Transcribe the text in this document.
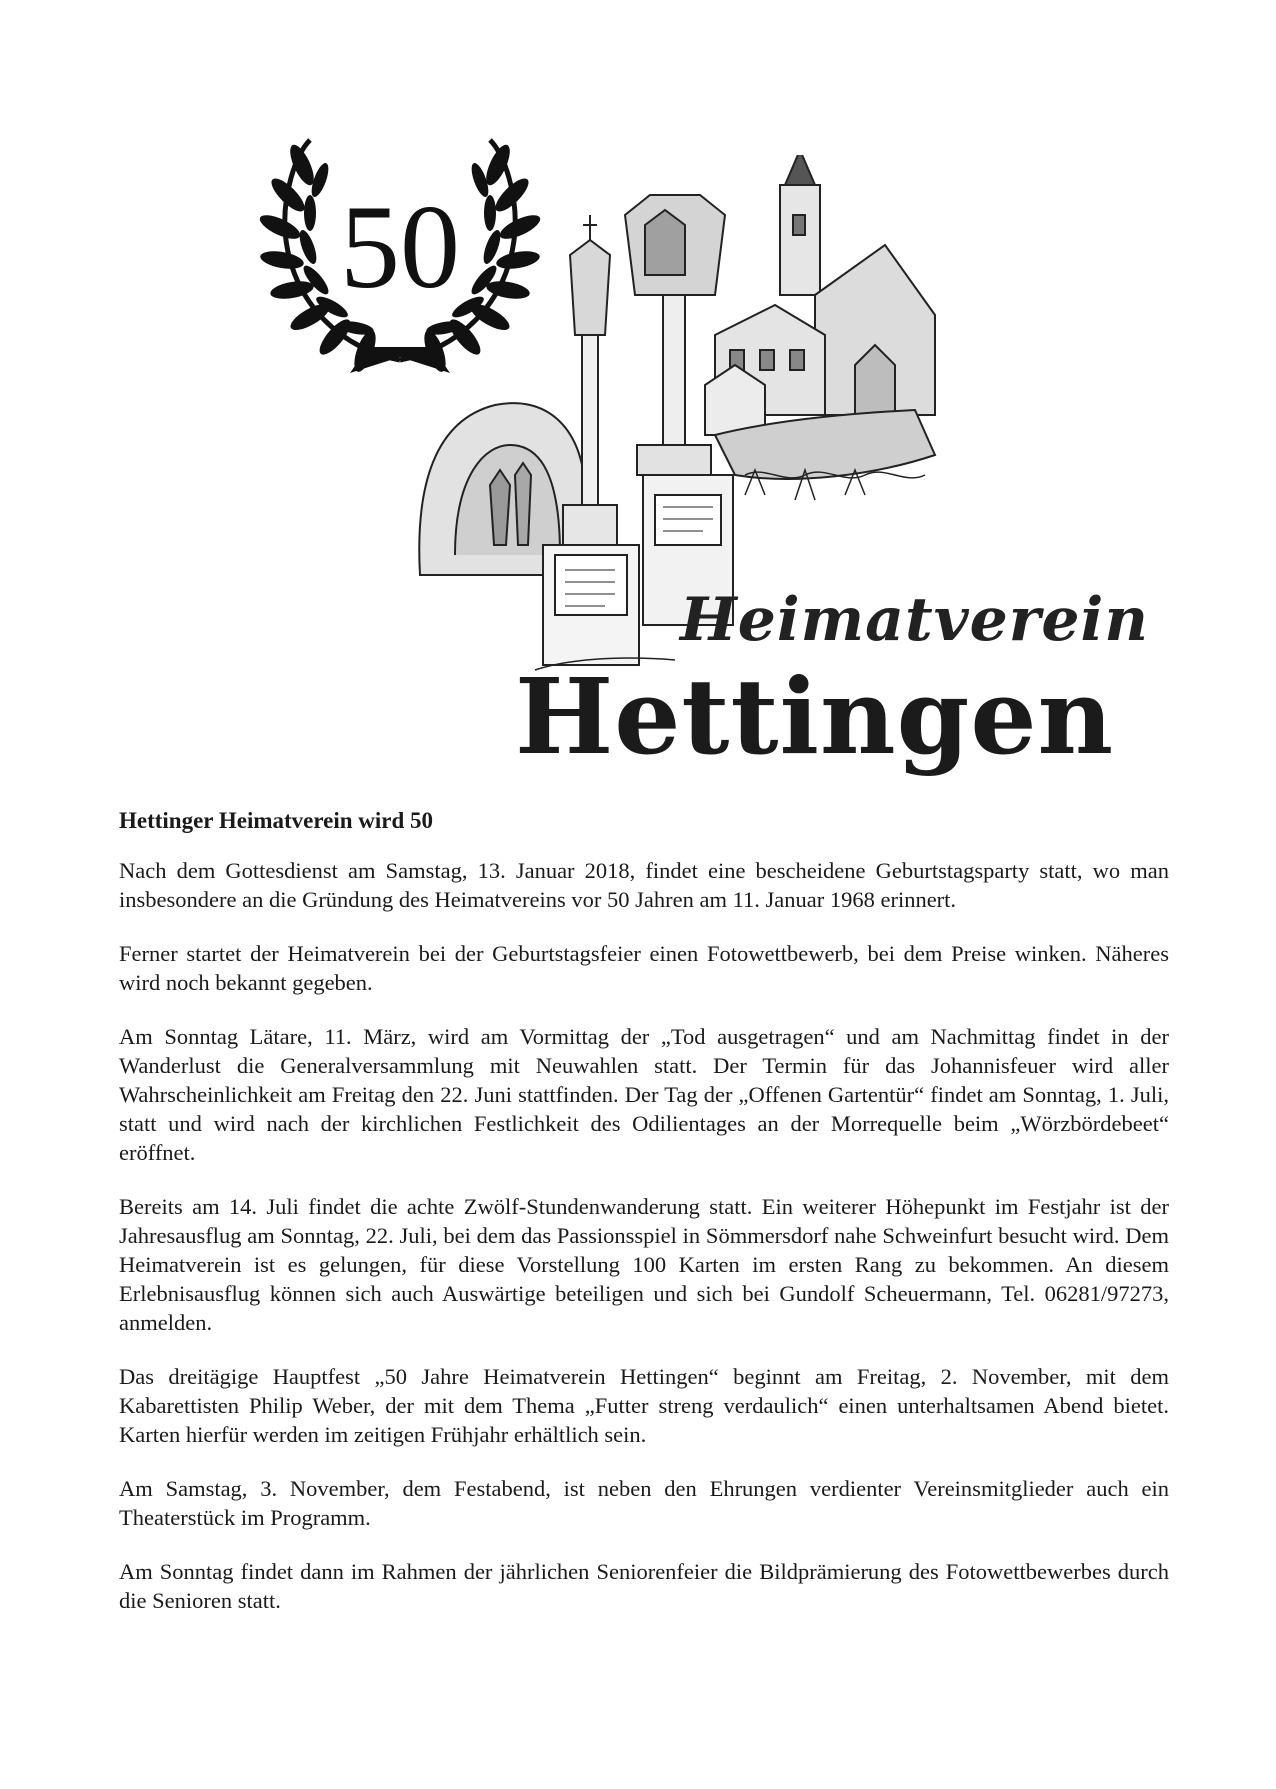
50
Heimatverein
Hettingen
Hettinger Heimatverein wird 50

Nach dem Gottesdienst am Samstag, 13. Januar 2018, findet eine bescheidene Geburtstagsparty statt, wo man insbesondere an die Gründung des Heimatvereins vor 50 Jahren am 11. Januar 1968 erinnert.

Ferner startet der Heimatverein bei der Geburtstagsfeier einen Fotowettbewerb, bei dem Preise winken. Näheres wird noch bekannt gegeben.

Am Sonntag Lätare, 11. März, wird am Vormittag der „Tod ausgetragen“ und am Nachmittag findet in der Wanderlust die Generalversammlung mit Neuwahlen statt. Der Termin für das Johannisfeuer wird aller Wahrscheinlichkeit am Freitag den 22. Juni stattfinden. Der Tag der „Offenen Gartentür“ findet am Sonntag, 1. Juli, statt und wird nach der kirchlichen Festlichkeit des Odilientages an der Morrequelle beim „Wörzbördebeet“ eröffnet.

Bereits am 14. Juli findet die achte Zwölf-Stundenwanderung statt. Ein weiterer Höhepunkt im Festjahr ist der Jahresausflug am Sonntag, 22. Juli, bei dem das Passionsspiel in Sömmersdorf nahe Schweinfurt besucht wird. Dem Heimatverein ist es gelungen, für diese Vorstellung 100 Karten im ersten Rang zu bekommen. An diesem Erlebnisausflug können sich auch Auswärtige beteiligen und sich bei Gundolf Scheuermann, Tel. 06281/97273, anmelden.

Das dreitägige Hauptfest „50 Jahre Heimatverein Hettingen“ beginnt am Freitag, 2. November, mit dem Kabarettisten Philip Weber, der mit dem Thema „Futter streng verdaulich“ einen unterhaltsamen Abend bietet. Karten hierfür werden im zeitigen Frühjahr erhältlich sein.

Am Samstag, 3. November, dem Festabend, ist neben den Ehrungen verdienter Vereinsmitglieder auch ein Theaterstück im Programm.

Am Sonntag findet dann im Rahmen der jährlichen Seniorenfeier die Bildprämierung des Fotowettbewerbes durch die Senioren statt.
